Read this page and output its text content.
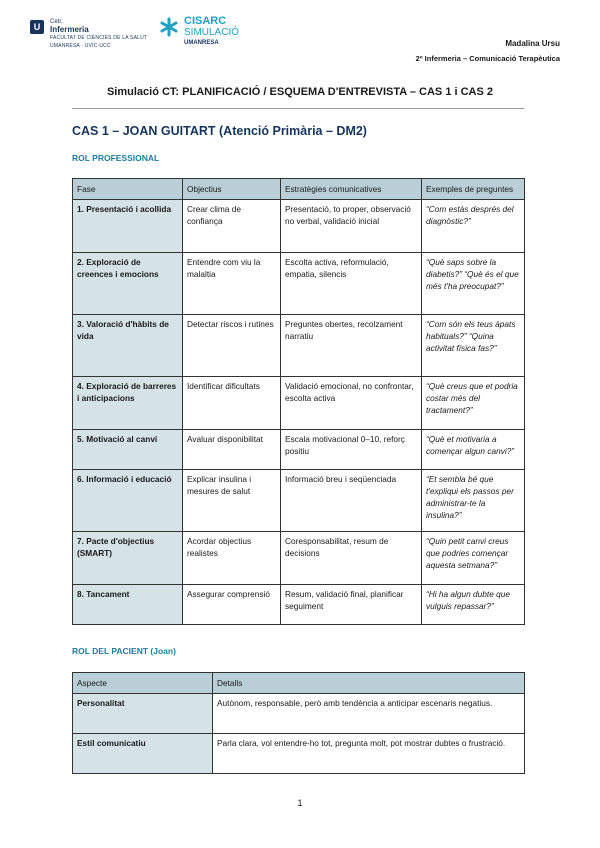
U	Cetr.
Infermeria
FACULTAT DE CIÈNCIES DE LA SALUT
UMANRESA · UVIC-UCC
CISARC
SIMULACIÓ
UMANRESA	Madalina Ursu
2º Infermeria – Comunicació Terapèutica
Simulació CT: PLANIFICACIÓ / ESQUEMA D'ENTREVISTA – CAS 1 i CAS 2
CAS 1 – JOAN GUITART (Atenció Primària – DM2)
ROL PROFESSIONAL
Fase	Objectius	Estratègies comunicatives	Exemples de preguntes
1. Presentació i acollida	Crear clima de confiança	Presentació, to proper, observació no verbal, validació inicial	“Com estàs després del diagnòstic?”
2. Exploració de creences i emocions	Entendre com viu la malaltia	Escolta activa, reformulació, empatia, silencis	“Què saps sobre la diabetis?” “Què és el que més t'ha preocupat?”
3. Valoració d'hàbits de vida	Detectar riscos i rutines	Preguntes obertes, recolzament narratiu	“Com són els teus àpats habituals?” “Quina activitat física fas?”
4. Exploració de barreres i anticipacions	Identificar dificultats	Validació emocional, no confrontar, escolta activa	“Què creus que et podria costar més del tractament?”
5. Motivació al canvi	Avaluar disponibilitat	Escala motivacional 0–10, reforç positiu	“Què et motivaria a començar algun canvi?”
6. Informació i educació	Explicar insulina i mesures de salut	Informació breu i seqüenciada	“Et sembla bé que t'expliqui els passos per administrar-te la insulina?”
7. Pacte d'objectius (SMART)	Acordar objectius realistes	Coresponsabilitat, resum de decisions	“Quin petit canvi creus que podries començar aquesta setmana?”
8. Tancament	Assegurar comprensió	Resum, validació final, planificar seguiment	“Hi ha algun dubte que vulguis repassar?”
ROL DEL PACIENT (Joan)
Aspecte	Detalls
Personalitat	Autònom, responsable, però amb tendència a anticipar escenaris negatius.
Estil comunicatiu	Parla clara, vol entendre-ho tot, pregunta molt, pot mostrar dubtes o frustració.
1
